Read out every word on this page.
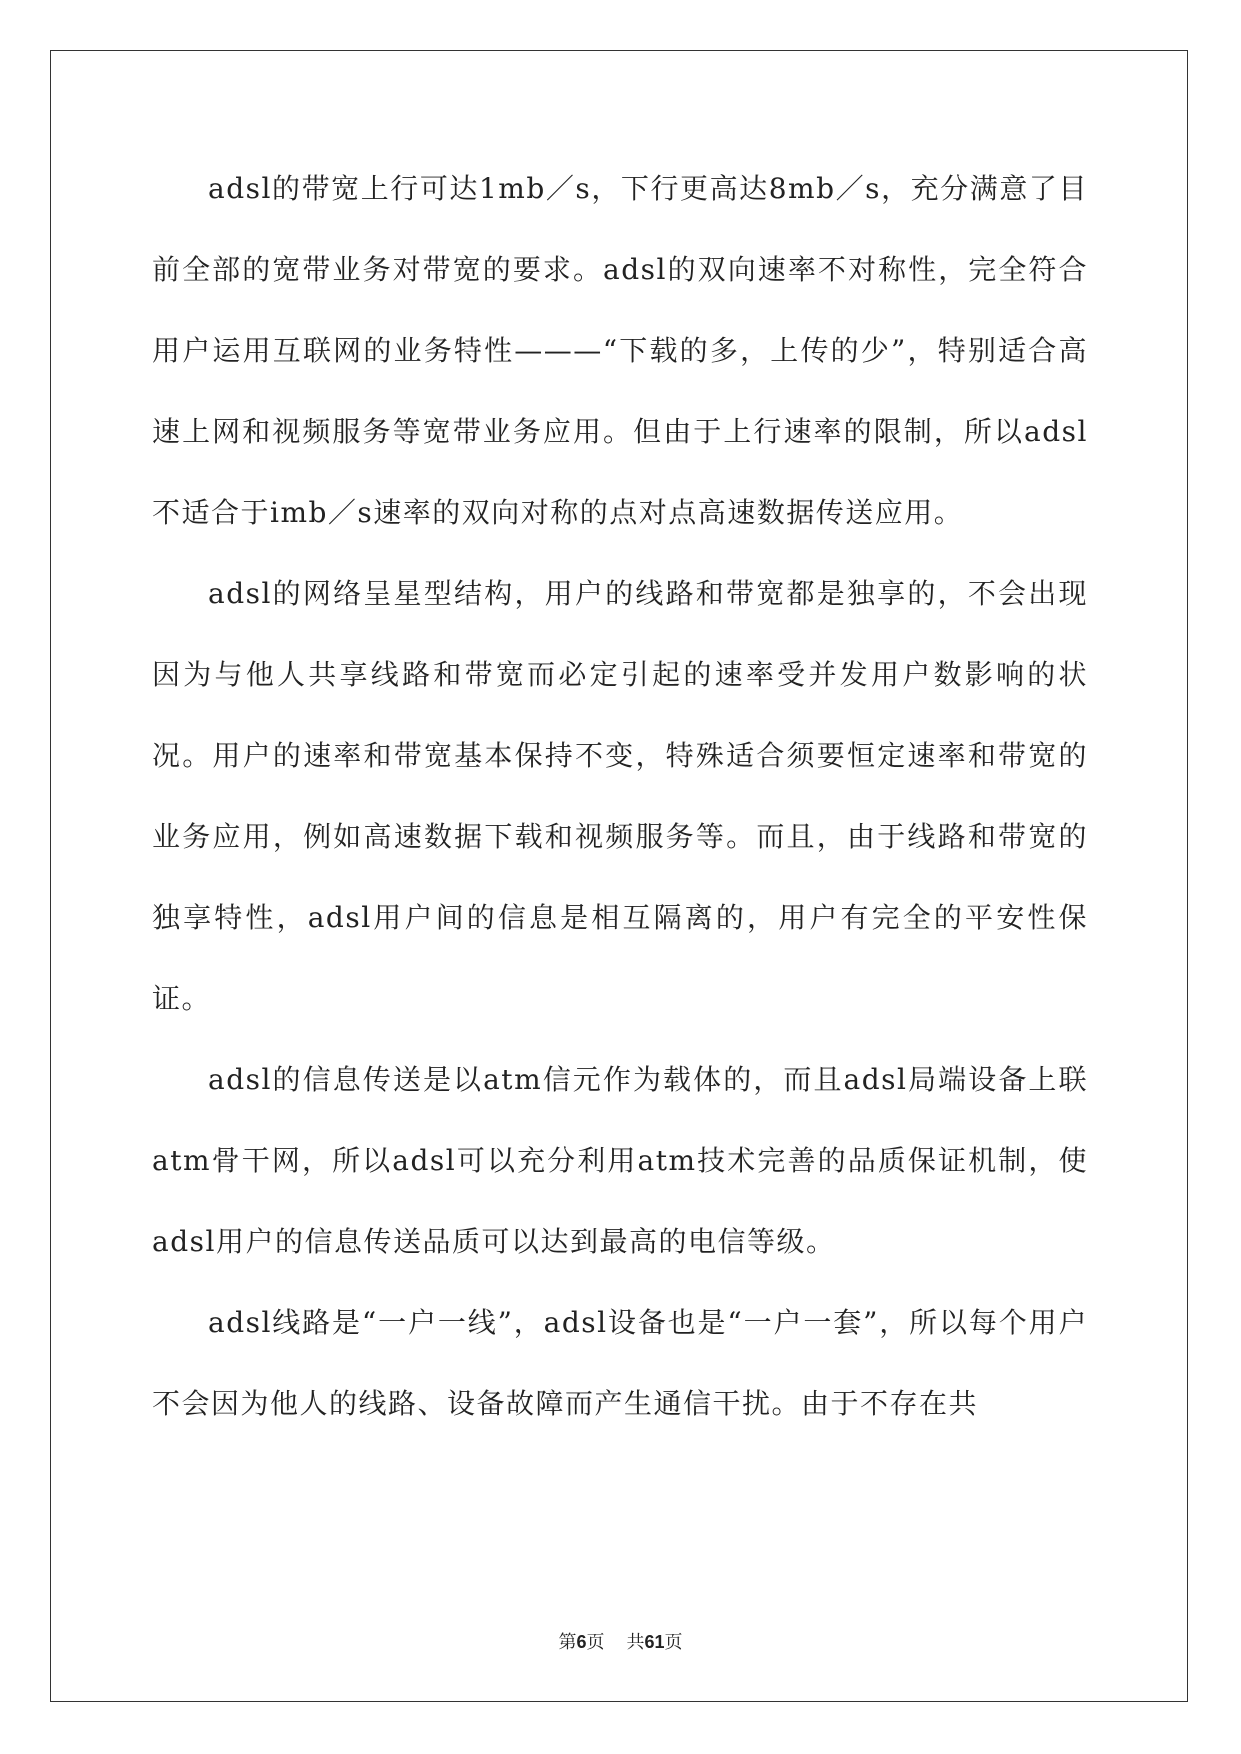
adsl的带宽上行可达1mb／s，下行更高达8mb／s，充分满意了目前全部的宽带业务对带宽的要求。adsl的双向速率不对称性，完全符合用户运用互联网的业务特性———“下载的多，上传的少”，特别适合高速上网和视频服务等宽带业务应用。但由于上行速率的限制，所以adsl不适合于imb／s速率的双向对称的点对点高速数据传送应用。

adsl的网络呈星型结构，用户的线路和带宽都是独享的，不会出现因为与他人共享线路和带宽而必定引起的速率受并发用户数影响的状况。用户的速率和带宽基本保持不变，特殊适合须要恒定速率和带宽的业务应用，例如高速数据下载和视频服务等。而且，由于线路和带宽的独享特性，adsl用户间的信息是相互隔离的，用户有完全的平安性保证。

adsl的信息传送是以atm信元作为载体的，而且adsl局端设备上联atm骨干网，所以adsl可以充分利用atm技术完善的品质保证机制，使adsl用户的信息传送品质可以达到最高的电信等级。

adsl线路是“一户一线”，adsl设备也是“一户一套”，所以每个用户不会因为他人的线路、设备故障而产生通信干扰。由于不存在共

第6页 共61页
